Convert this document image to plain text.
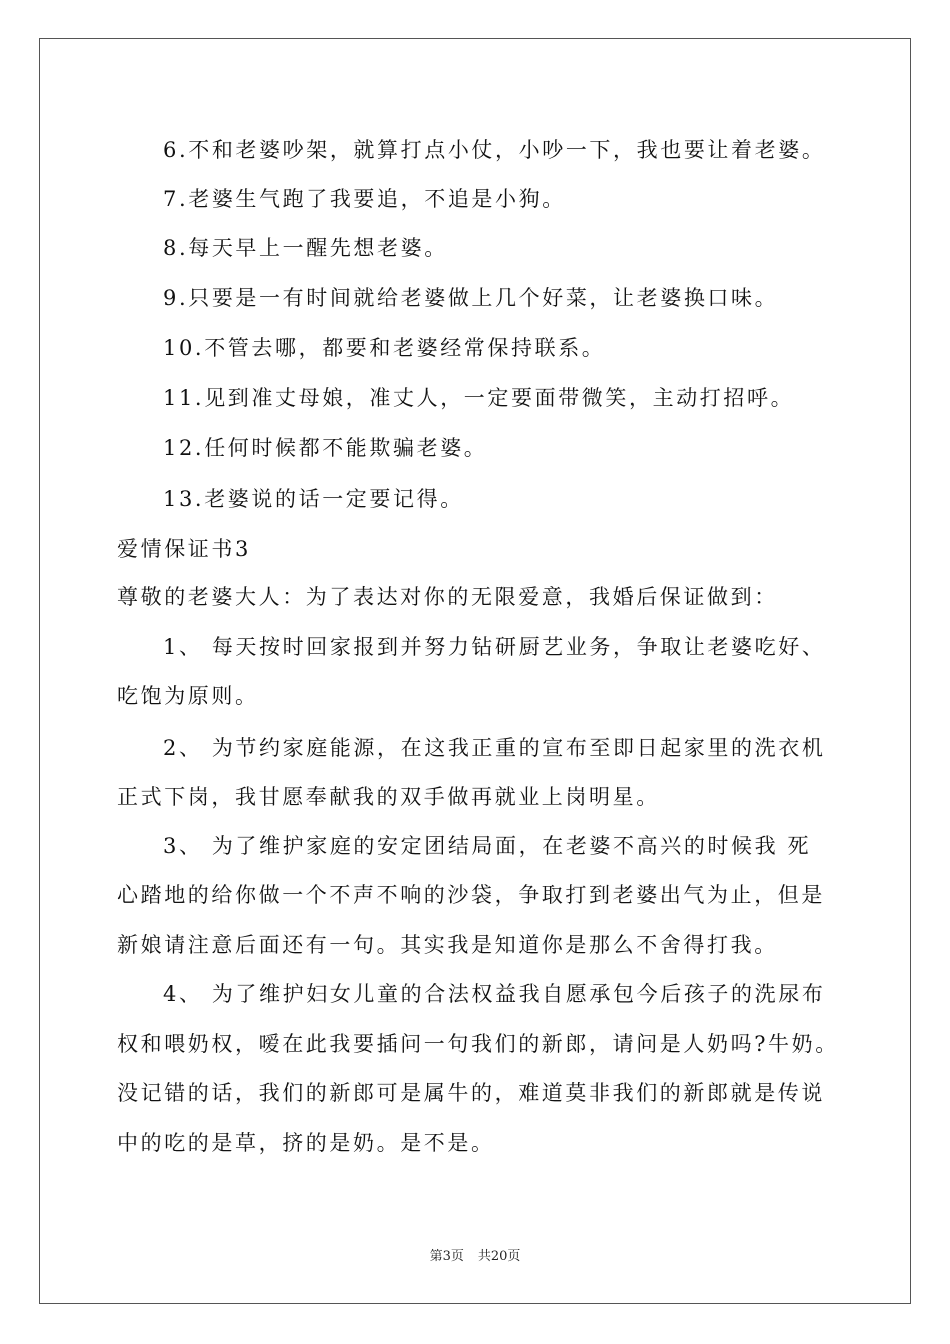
6.不和老婆吵架，就算打点小仗，小吵一下，我也要让着老婆。
7.老婆生气跑了我要追，不追是小狗。
8.每天早上一醒先想老婆。
9.只要是一有时间就给老婆做上几个好菜，让老婆换口味。
10.不管去哪，都要和老婆经常保持联系。
11.见到准丈母娘，准丈人，一定要面带微笑，主动打招呼。
12.任何时候都不能欺骗老婆。
13.老婆说的话一定要记得。
爱情保证书3
尊敬的老婆大人：为了表达对你的无限爱意，我婚后保证做到：
1、 每天按时回家报到并努力钻研厨艺业务，争取让老婆吃好、
吃饱为原则。
2、 为节约家庭能源，在这我正重的宣布至即日起家里的洗衣机
正式下岗，我甘愿奉献我的双手做再就业上岗明星。
3、 为了维护家庭的安定团结局面，在老婆不高兴的时候我 死
心踏地的给你做一个不声不响的沙袋，争取打到老婆出气为止，但是
新娘请注意后面还有一句。其实我是知道你是那么不舍得打我。
4、 为了维护妇女儿童的合法权益我自愿承包今后孩子的洗尿布
权和喂奶权，嗳在此我要插问一句我们的新郎，请问是人奶吗?牛奶。
没记错的话，我们的新郎可是属牛的，难道莫非我们的新郎就是传说
中的吃的是草，挤的是奶。是不是。
第3页 共20页
